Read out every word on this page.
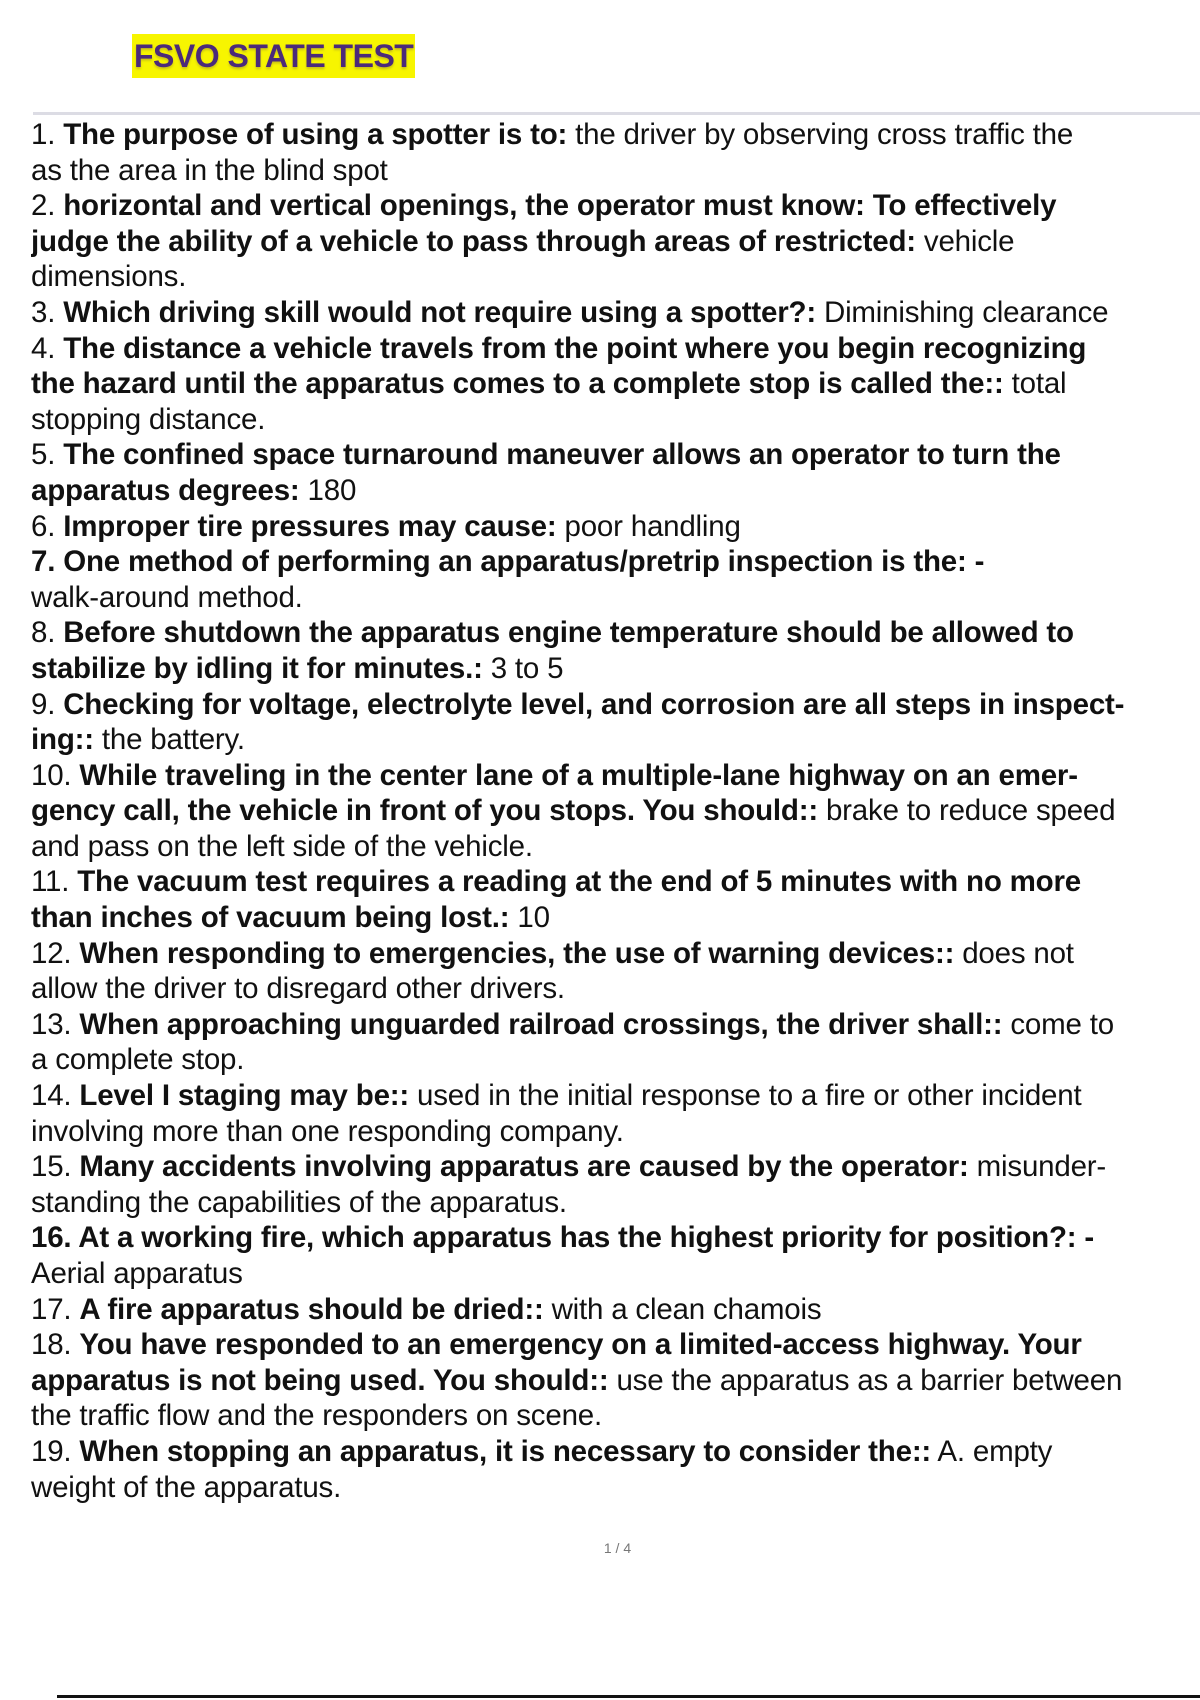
FSVO STATE TEST
1. The purpose of using a spotter is to: the driver by observing cross traffic the
as the area in the blind spot
2. horizontal and vertical openings, the operator must know: To effectively
judge the ability of a vehicle to pass through areas of restricted: vehicle
dimensions.
3. Which driving skill would not require using a spotter?: Diminishing clearance
4. The distance a vehicle travels from the point where you begin recognizing
the hazard until the apparatus comes to a complete stop is called the:: total
stopping distance.
5. The confined space turnaround maneuver allows an operator to turn the
apparatus degrees: 180
6. Improper tire pressures may cause: poor handling
7. One method of performing an apparatus/pretrip inspection is the: -
walk-around method.
8. Before shutdown the apparatus engine temperature should be allowed to
stabilize by idling it for minutes.: 3 to 5
9. Checking for voltage, electrolyte level, and corrosion are all steps in inspect-
ing:: the battery.
10. While traveling in the center lane of a multiple-lane highway on an emer-
gency call, the vehicle in front of you stops. You should:: brake to reduce speed
and pass on the left side of the vehicle.
11. The vacuum test requires a reading at the end of 5 minutes with no more
than inches of vacuum being lost.: 10
12. When responding to emergencies, the use of warning devices:: does not
allow the driver to disregard other drivers.
13. When approaching unguarded railroad crossings, the driver shall:: come to
a complete stop.
14. Level I staging may be:: used in the initial response to a fire or other incident
involving more than one responding company.
15. Many accidents involving apparatus are caused by the operator: misunder-
standing the capabilities of the apparatus.
16. At a working fire, which apparatus has the highest priority for position?: -
Aerial apparatus
17. A fire apparatus should be dried:: with a clean chamois
18. You have responded to an emergency on a limited-access highway. Your
apparatus is not being used. You should:: use the apparatus as a barrier between
the traffic flow and the responders on scene.
19. When stopping an apparatus, it is necessary to consider the:: A. empty
weight of the apparatus.
1 / 4
